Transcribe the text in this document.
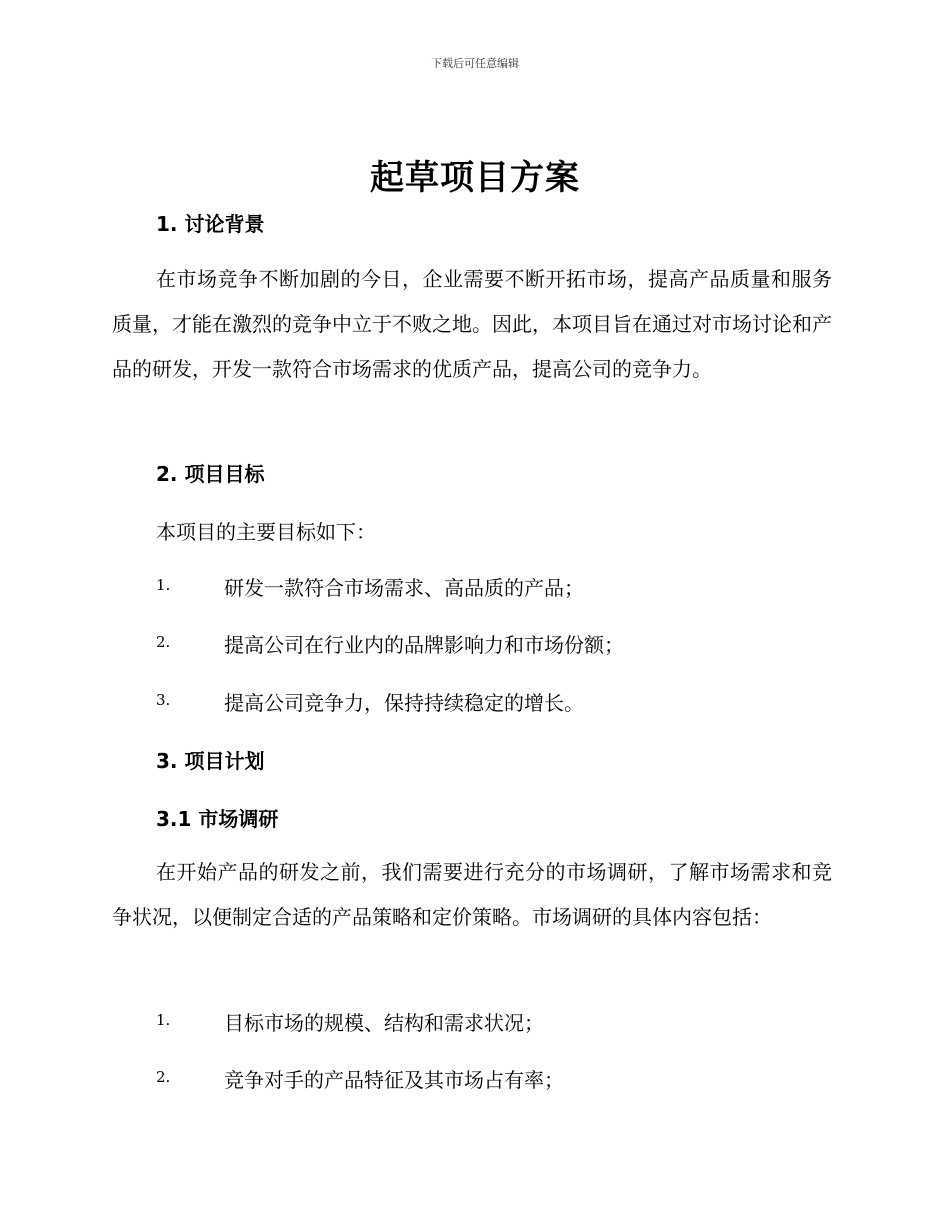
下载后可任意编辑
起草项目方案
1. 讨论背景
在市场竞争不断加剧的今日，企业需要不断开拓市场，提高产品质量和服务质量，才能在激烈的竞争中立于不败之地。因此，本项目旨在通过对市场讨论和产品的研发，开发一款符合市场需求的优质产品，提高公司的竞争力。
2. 项目目标
本项目的主要目标如下：
1.	研发一款符合市场需求、高品质的产品；
2.	提高公司在行业内的品牌影响力和市场份额；
3.	提高公司竞争力，保持持续稳定的增长。
3. 项目计划
3.1 市场调研
在开始产品的研发之前，我们需要进行充分的市场调研，了解市场需求和竞争状况，以便制定合适的产品策略和定价策略。市场调研的具体内容包括：
1.	目标市场的规模、结构和需求状况；
2.	竞争对手的产品特征及其市场占有率；
